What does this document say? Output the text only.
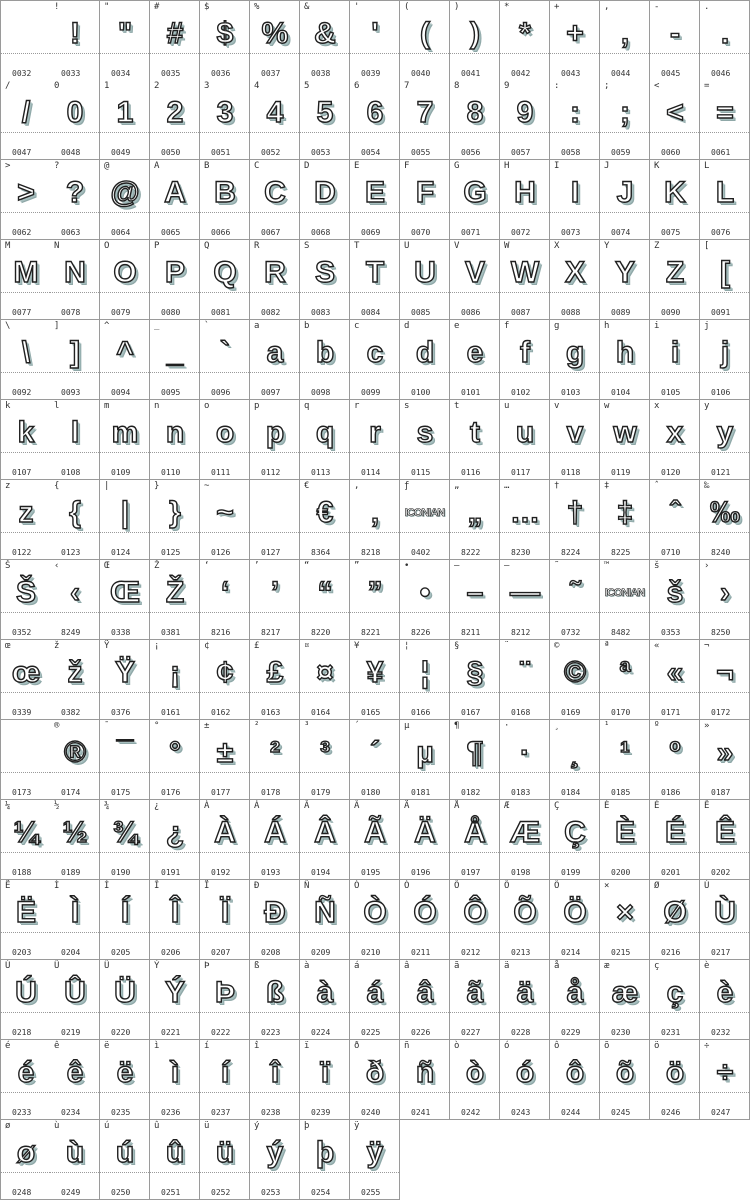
0032
!
!
0033
"
"
0034
#
#
0035
$
$
0036
%
%
0037
&
&
0038
'
'
0039
(
(
0040
)
)
0041
*
*
0042
+
+
0043
,
,
0044
-
-
0045
.
.
0046
/
/
0047
0
0
0048
1
1
0049
2
2
0050
3
3
0051
4
4
0052
5
5
0053
6
6
0054
7
7
0055
8
8
0056
9
9
0057
:
:
0058
;
;
0059
<
<
0060
=
=
0061
>
>
0062
?
?
0063
@
@
0064
A
A
0065
B
B
0066
C
C
0067
D
D
0068
E
E
0069
F
F
0070
G
G
0071
H
H
0072
I
I
0073
J
J
0074
K
K
0075
L
L
0076
M
M
0077
N
N
0078
O
O
0079
P
P
0080
Q
Q
0081
R
R
0082
S
S
0083
T
T
0084
U
U
0085
V
V
0086
W
W
0087
X
X
0088
Y
Y
0089
Z
Z
0090
[
[
0091
\
\
0092
]
]
0093
^
^
0094
_
_
0095
`
`
0096
a
a
0097
b
b
0098
c
c
0099
d
d
0100
e
e
0101
f
f
0102
g
g
0103
h
h
0104
i
i
0105
j
j
0106
k
k
0107
l
l
0108
m
m
0109
n
n
0110
o
o
0111
p
p
0112
q
q
0113
r
r
0114
s
s
0115
t
t
0116
u
u
0117
v
v
0118
w
w
0119
x
x
0120
y
y
0121
z
z
0122
{
{
0123
|
|
0124
}
}
0125
~
~
0126	0127
€
€
8364
‚
‚
8218
ƒ
ICONIAN
0402
„
„
8222
…
…
8230
†
†
8224
‡
‡
8225
ˆ
ˆ
0710
‰
‰
8240
Š
Š
0352
‹
‹
8249
Œ
Œ
0338
Ž
Ž
0381
‘
‘
8216
’
’
8217
“
“
8220
”
”
8221
•
•
8226
–
–
8211
—
—
8212
˜
˜
0732
™
ICONIAN
8482
š
š
0353
›
›
8250
œ
œ
0339
ž
ž
0382
Ÿ
Ÿ
0376
¡
¡
0161
¢
¢
0162
£
£
0163
¤
¤
0164
¥
¥
0165
¦
¦
0166
§
§
0167
¨
¨
0168
©
©
0169
ª
ª
0170
«
«
0171
¬
¬
0172
0173
®
®
0174
¯
¯
0175
°
°
0176
±
±
0177
²
²
0178
³
³
0179
´
´
0180
µ
µ
0181
¶
¶
0182
·
·
0183
¸
¸
0184
¹
¹
0185
º
º
0186
»
»
0187
¼
¼
0188
½
½
0189
¾
¾
0190
¿
¿
0191
À
À
0192
Á
Á
0193
Â
Â
0194
Ã
Ã
0195
Ä
Ä
0196
Å
Å
0197
Æ
Æ
0198
Ç
Ç
0199
È
È
0200
É
É
0201
Ê
Ê
0202
Ë
Ë
0203
Ì
Ì
0204
Í
Í
0205
Î
Î
0206
Ï
Ï
0207
Ð
Ð
0208
Ñ
Ñ
0209
Ò
Ò
0210
Ó
Ó
0211
Ô
Ô
0212
Õ
Õ
0213
Ö
Ö
0214
×
×
0215
Ø
Ø
0216
Ù
Ù
0217
Ú
Ú
0218
Û
Û
0219
Ü
Ü
0220
Ý
Ý
0221
Þ
Þ
0222
ß
ß
0223
à
à
0224
á
á
0225
â
â
0226
ã
ã
0227
ä
ä
0228
å
å
0229
æ
æ
0230
ç
ç
0231
è
è
0232
é
é
0233
ê
ê
0234
ë
ë
0235
ì
ì
0236
í
í
0237
î
î
0238
ï
ï
0239
ð
ð
0240
ñ
ñ
0241
ò
ò
0242
ó
ó
0243
ô
ô
0244
õ
õ
0245
ö
ö
0246
÷
÷
0247
ø
ø
0248
ù
ù
0249
ú
ú
0250
û
û
0251
ü
ü
0252
ý
ý
0253
þ
þ
0254
ÿ
ÿ
0255
